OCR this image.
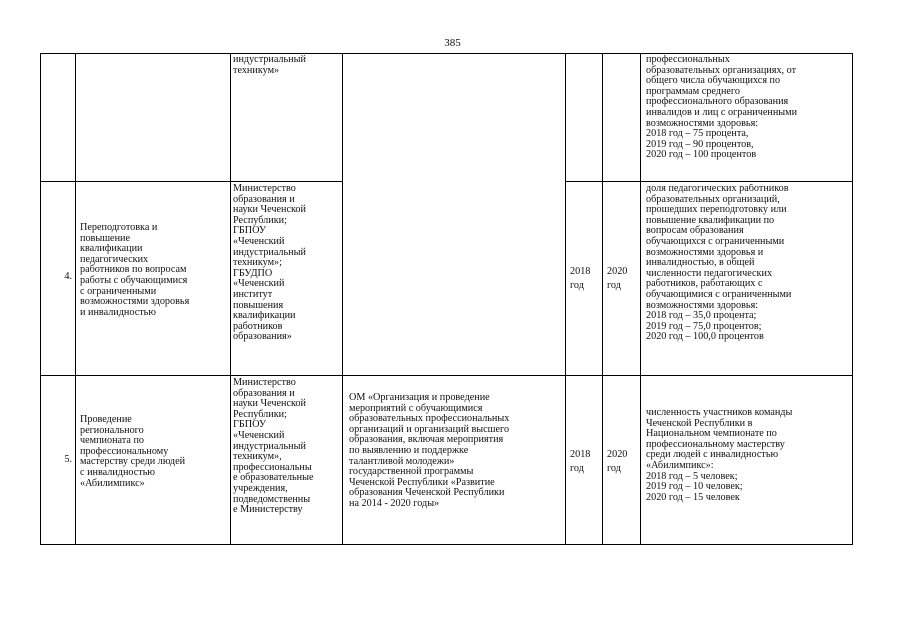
385
индустриальный
техникум»
профессиональных
образовательных организациях, от
общего числа обучающихся по
программам среднего
профессионального образования
инвалидов и лиц с ограниченными
возможностями здоровья:
2018 год – 75 процента,
2019 год – 90 процентов,
2020 год – 100 процентов
4.
Переподготовка и
повышение
квалификации
педагогических
работников по вопросам
работы с обучающимися
с ограниченными
возможностями здоровья
и инвалидностью
Министерство
образования и
науки Чеченской
Республики;
ГБПОУ
«Чеченский
индустриальный
техникум»;
ГБУДПО
«Чеченский
институт
повышения
квалификации
работников
образования»
2018
год
2020
год
доля педагогических работников
образовательных организаций,
прошедших переподготовку или
повышение квалификации по
вопросам образования
обучающихся с ограниченными
возможностями здоровья и
инвалидностью, в общей
численности педагогических
работников, работающих с
обучающимися с ограниченными
возможностями здоровья:
2018 год – 35,0 процента;
2019 год – 75,0 процентов;
2020 год – 100,0 процентов
5.
Проведение
регионального
чемпионата по
профессиональному
мастерству среди людей
с инвалидностью
«Абилимпикс»
Министерство
образования и
науки Чеченской
Республики;
ГБПОУ
«Чеченский
индустриальный
техникум»,
профессиональны
е образовательные
учреждения,
подведомственны
е Министерству
ОМ «Организация и проведение
мероприятий с обучающимися
образовательных профессиональных
организаций и организаций высшего
образования, включая мероприятия
по выявлению и поддержке
талантливой молодежи»
государственной программы
Чеченской Республики «Развитие
образования Чеченской Республики
на 2014 - 2020 годы»
2018
год
2020
год
численность участников команды
Чеченской Республики в
Национальном чемпионате по
профессиональному мастерству
среди людей с инвалидностью
«Абилимпикс»:
2018 год – 5 человек;
2019 год – 10 человек;
2020 год – 15 человек
